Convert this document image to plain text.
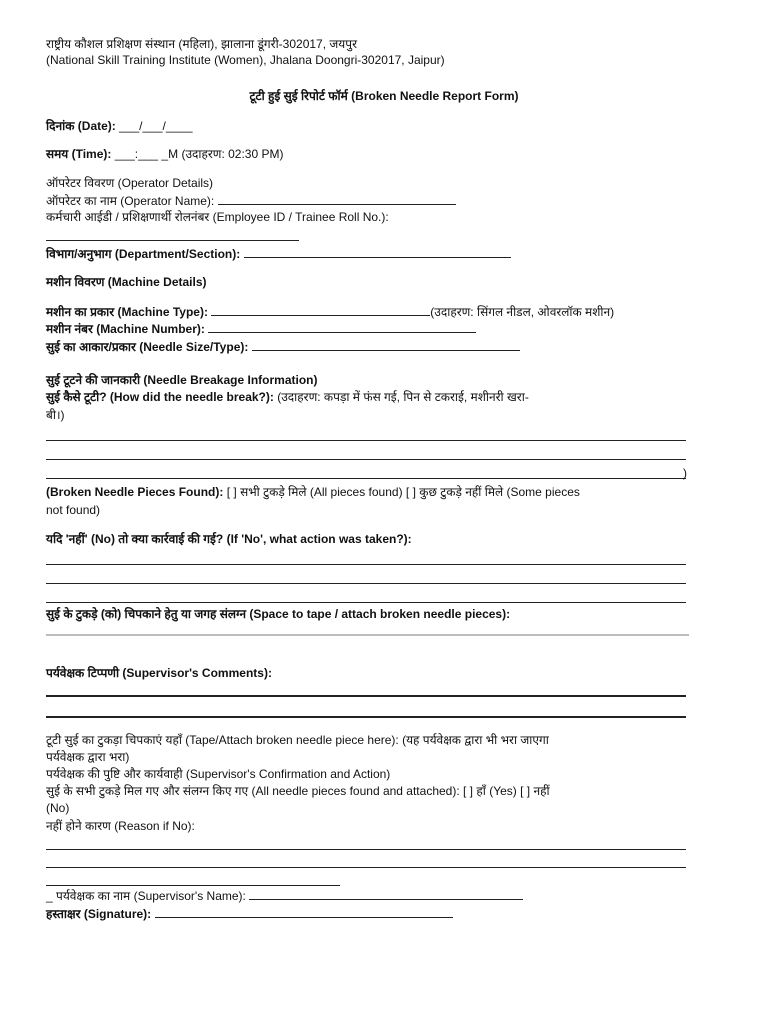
राष्ट्रीय कौशल प्रशिक्षण संस्थान (महिला), झालाना डूंगरी-302017, जयपुर
(National Skill Training Institute (Women), Jhalana Doongri-302017, Jaipur)
टूटी हुई सुई रिपोर्ट फॉर्म (Broken Needle Report Form)
दिनांक (Date): ___/___/____
समय (Time): ___:___ _M (उदाहरण: 02:30 PM)
ऑपरेटर विवरण (Operator Details)
ऑपरेटर का नाम (Operator Name):
कर्मचारी आईडी / प्रशिक्षणार्थी रोलनंबर (Employee ID / Trainee Roll No.):
विभाग/अनुभाग (Department/Section):
मशीन विवरण (Machine Details)
मशीन का प्रकार (Machine Type):	(उदाहरण: सिंगल नीडल, ओवरलॉक मशीन)
मशीन नंबर (Machine Number):
सुई का आकार/प्रकार (Needle Size/Type):
सुई टूटने की जानकारी (Needle Breakage Information)
सुई कैसे टूटी? (How did the needle break?): (उदाहरण: कपड़ा में फंस गई, पिन से टकराई, मशीनरी खरा-
बी।)
)
(Broken Needle Pieces Found): [ ] सभी टुकड़े मिले (All pieces found) [ ] कुछ टुकड़े नहीं मिले (Some pieces
not found)
यदि 'नहीं' (No) तो क्या कार्रवाई की गई? (If 'No', what action was taken?):
सुई के टुकड़े (को) चिपकाने हेतु या जगह संलग्न (Space to tape / attach broken needle pieces):
पर्यवेक्षक टिप्पणी (Supervisor's Comments):
टूटी सुई का टुकड़ा चिपकाएं यहाँ (Tape/Attach broken needle piece here): (यह पर्यवेक्षक द्वारा भी भरा जाएगा
पर्यवेक्षक द्वारा भरा)
पर्यवेक्षक की पुष्टि और कार्यवाही (Supervisor's Confirmation and Action)
सुई के सभी टुकड़े मिल गए और संलग्न किए गए (All needle pieces found and attached): [ ] हाँ (Yes) [ ] नहीं
(No)
नहीं होने कारण (Reason if No):
_ पर्यवेक्षक का नाम (Supervisor's Name):
हस्ताक्षर (Signature):
